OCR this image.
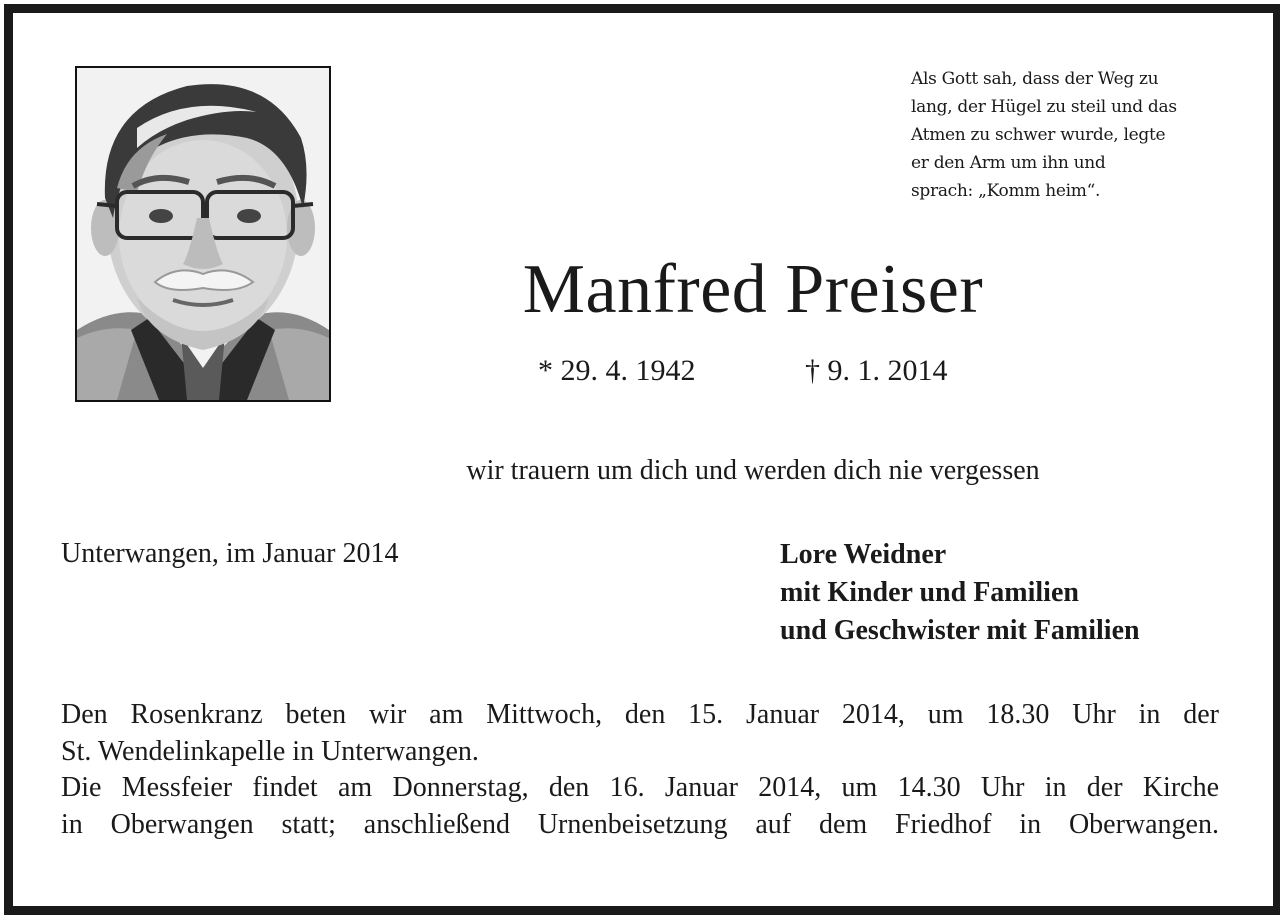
Als Gott sah, dass der Weg zu
lang, der Hügel zu steil und das
Atmen zu schwer wurde, legte
er den Arm um ihn und
sprach: „Komm heim“.
Manfred Preiser
* 29. 4. 1942	† 9. 1. 2014
wir trauern um dich und werden dich nie vergessen
Unterwangen, im Januar 2014	Lore Weidner
mit Kinder und Familien
und Geschwister mit Familien
Den Rosenkranz beten wir am Mittwoch, den 15. Januar 2014, um 18.30 Uhr in der
St. Wendelinkapelle in Unterwangen.
Die Messfeier findet am Donnerstag, den 16. Januar 2014, um 14.30 Uhr in der Kirche
in Oberwangen statt; anschließend Urnenbeisetzung auf dem Friedhof in Oberwangen.
